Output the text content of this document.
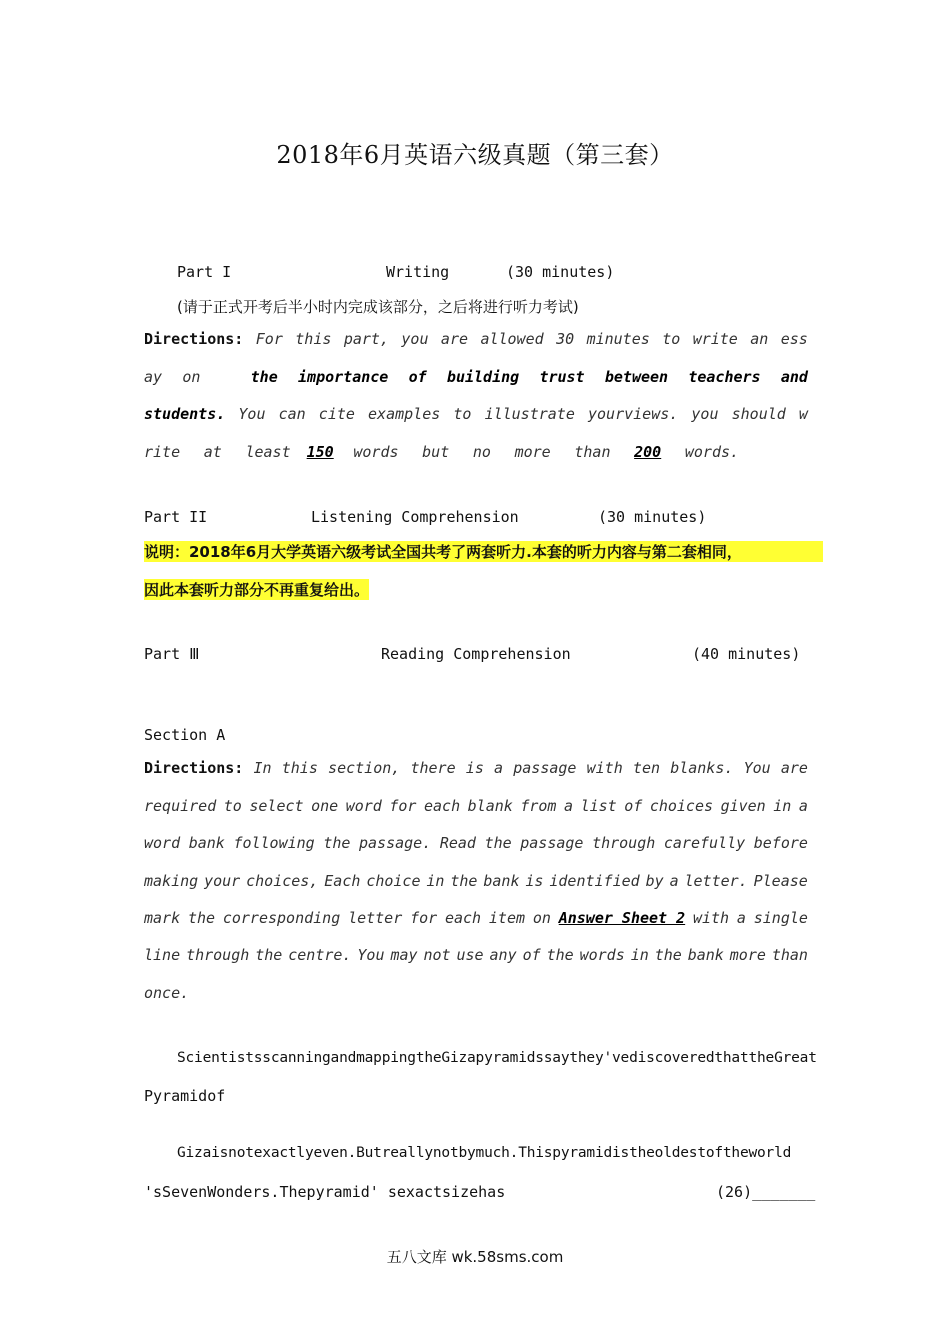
2018年6月英语六级真题（第三套）
Part I	Writing	(30 minutes)
(请于正式开考后半小时内完成该部分，之后将进行听力考试)
Directions: For this part, you are allowed 30 minutes to write an ess
ay on	the importance of building trust between teachers and
students. You can cite examples to illustrate yourviews. you should w
rite at least 150 words but no more than 200 words.
Part II	Listening Comprehension	(30 minutes)
说明：2018年6月大学英语六级考试全国共考了两套听力.本套的听力内容与第二套相同，
因此本套听力部分不再重复给出。
Part Ⅲ	Reading Comprehension	(40 minutes)
Section A
Directions: In this section, there is a passage with ten blanks. You are
required to select one word for each blank from a list of choices given in a
word bank following the passage. Read the passage through carefully before
making your choices, Each choice in the bank is identified by a letter. Please
mark the corresponding letter for each item on Answer Sheet 2 with a single
line through the centre. You may not use any of the words in the bank more than
once.
ScientistsscanningandmappingtheGizapyramidssaythey'vediscoveredthattheGreat
Pyramidof
Gizaisnotexactlyeven.Butreallynotbymuch.Thispyramidistheoldestoftheworld
'sSevenWonders.Thepyramid' sexactsizehas	(26)_______
五八文库 wk.58sms.com
